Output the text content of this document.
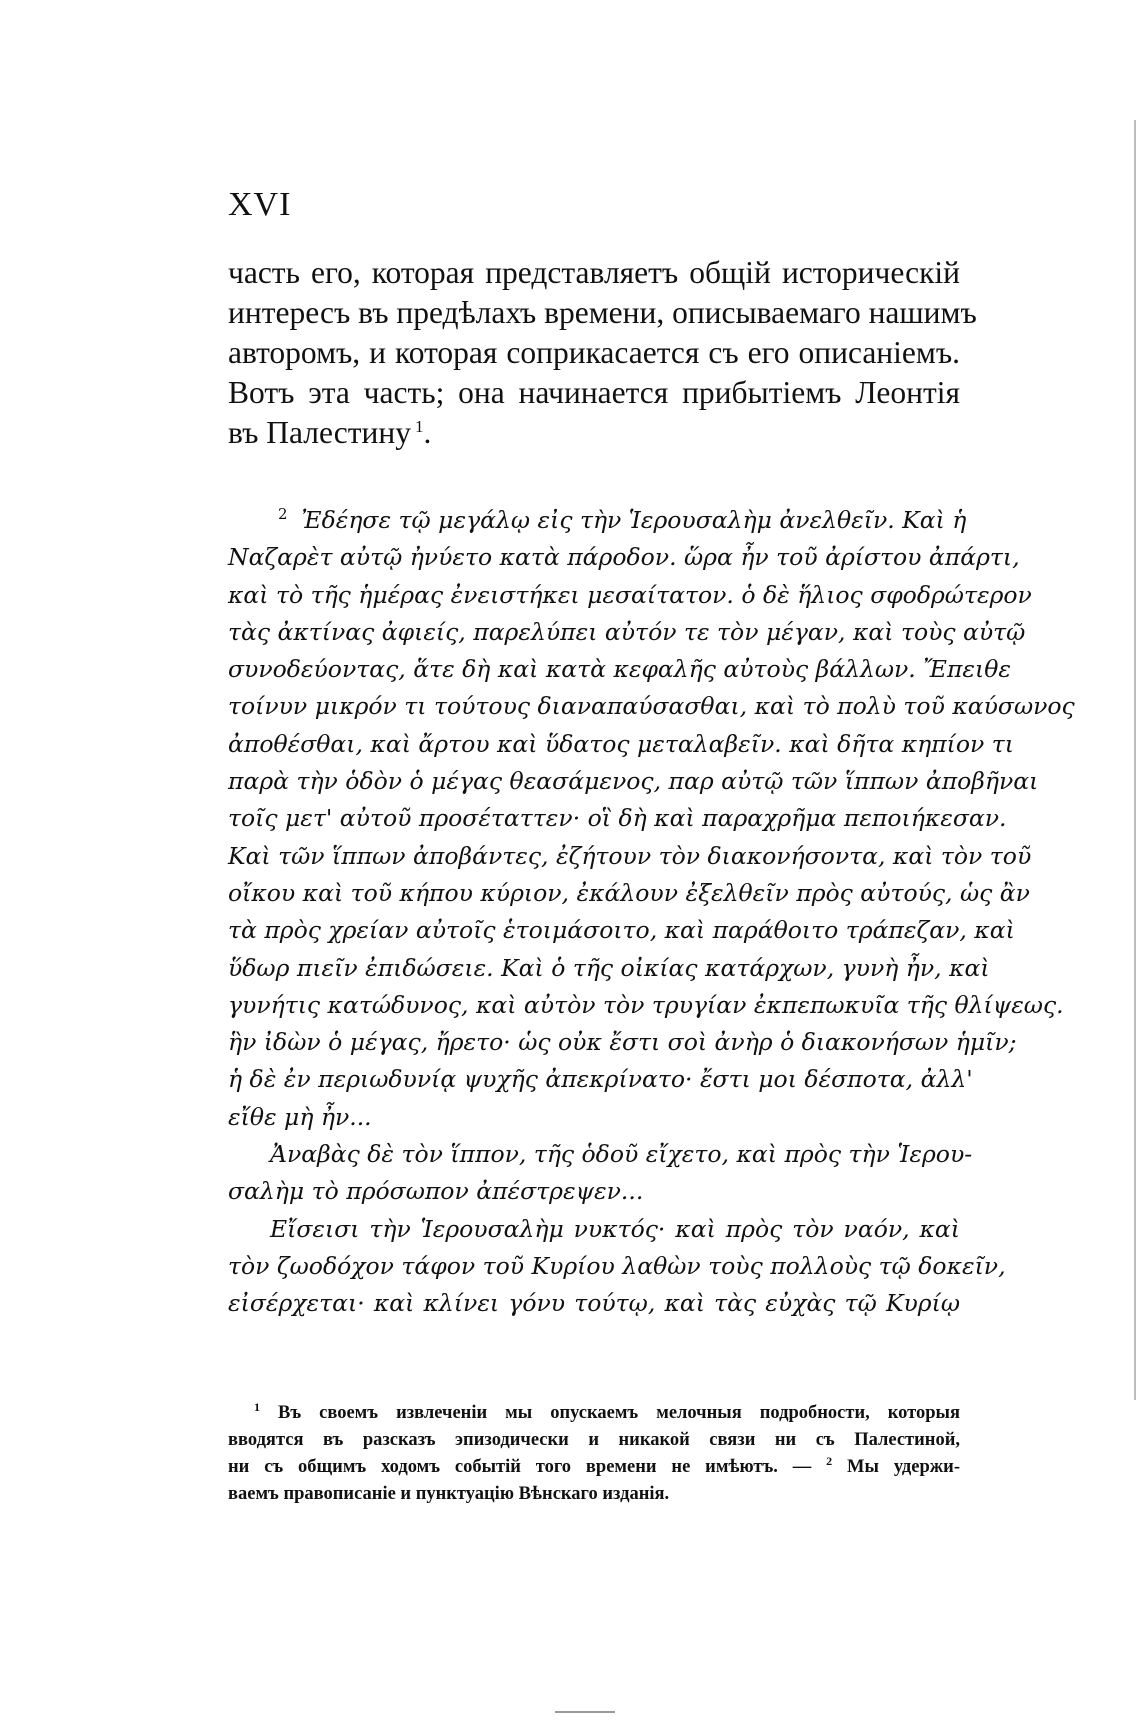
XVI
часть его, которая представляетъ общій историческій
интересъ въ предѣлахъ времени, описываемаго нашимъ
авторомъ, и которая соприкасается съ его описаніемъ.
Вотъ эта часть; она начинается прибытіемъ Леонтія
въ Палестину $^1$.
$^2$ Ἐδέησε τῷ μεγάλῳ εἰς τὴν Ἱερουσαλὴμ ἀνελθεῖν. Καὶ ἡ
Ναζαρὲτ αὐτῷ ἠνύετο κατὰ πάροδον. ὥρα ἦν τοῦ ἀρίστου ἀπάρτι,
καὶ τὸ τῆς ἡμέρας ἐνειστήκει μεσαίτατον. ὁ δὲ ἥλιος σφοδρώτερον
τὰς ἀκτίνας ἀφιείς, παρελύπει αὐτόν τε τὸν μέγαν, καὶ τοὺς αὐτῷ
συνοδεύοντας, ἅτε δὴ καὶ κατὰ κεφαλῆς αὐτοὺς βάλλων. Ἔπειθε
τοίνυν μικρόν τι τούτους διαναπαύσασθαι, καὶ τὸ πολὺ τοῦ καύσωνος
ἀποθέσθαι, καὶ ἄρτου καὶ ὕδατος μεταλαβεῖν. καὶ δῆτα κηπίον τι
παρὰ τὴν ὁδὸν ὁ μέγας θεασάμενος, παρ αὐτῷ τῶν ἵππων ἀποβῆναι
τοῖς μετ' αὐτοῦ προσέταττεν· οἳ δὴ καὶ παραχρῆμα πεποιήκεσαν.
Καὶ τῶν ἵππων ἀποβάντες, ἐζήτουν τὸν διακονήσοντα, καὶ τὸν τοῦ
οἴκου καὶ τοῦ κήπου κύριον, ἐκάλουν ἐξελθεῖν πρὸς αὐτούς, ὡς ἂν
τὰ πρὸς χρείαν αὐτοῖς ἑτοιμάσοιτο, καὶ παράθοιτο τράπεζαν, καὶ
ὕδωρ πιεῖν ἐπιδώσειε. Καὶ ὁ τῆς οἰκίας κατάρχων, γυνὴ ἦν, καὶ
γυνήτις κατώδυνος, καὶ αὐτὸν τὸν τρυγίαν ἐκπεπωκυῖα τῆς θλίψεως.
ἣν ἰδὼν ὁ μέγας, ἤρετο· ὡς οὐκ ἔστι σοὶ ἀνὴρ ὁ διακονήσων ἡμῖν;
ἡ δὲ ἐν περιωδυνίᾳ ψυχῆς ἀπεκρίνατο· ἔστι μοι δέσποτα, ἀλλ'
εἴθε μὴ ἦν...
Ἀναβὰς δὲ τὸν ἵππον, τῆς ὁδοῦ εἴχετο, καὶ πρὸς τὴν Ἱερου-
σαλὴμ τὸ πρόσωπον ἀπέστρεψεν...
Εἴσεισι τὴν Ἱερουσαλὴμ νυκτός· καὶ πρὸς τὸν ναόν, καὶ
τὸν ζωοδόχον τάφον τοῦ Κυρίου λαθὼν τοὺς πολλοὺς τῷ δοκεῖν,
εἰσέρχεται· καὶ κλίνει γόνυ τούτῳ, καὶ τὰς εὐχὰς τῷ Κυρίῳ
$^1$ Въ своемъ извлеченіи мы опускаемъ мелочныя подробности, которыя
вводятся въ разсказъ эпизодически и никакой связи ни съ Палестиной,
ни съ общимъ ходомъ событій того времени не имѣютъ. — $^2$ Мы удержи-
ваемъ правописаніе и пунктуацію Вѣнскаго изданія.
